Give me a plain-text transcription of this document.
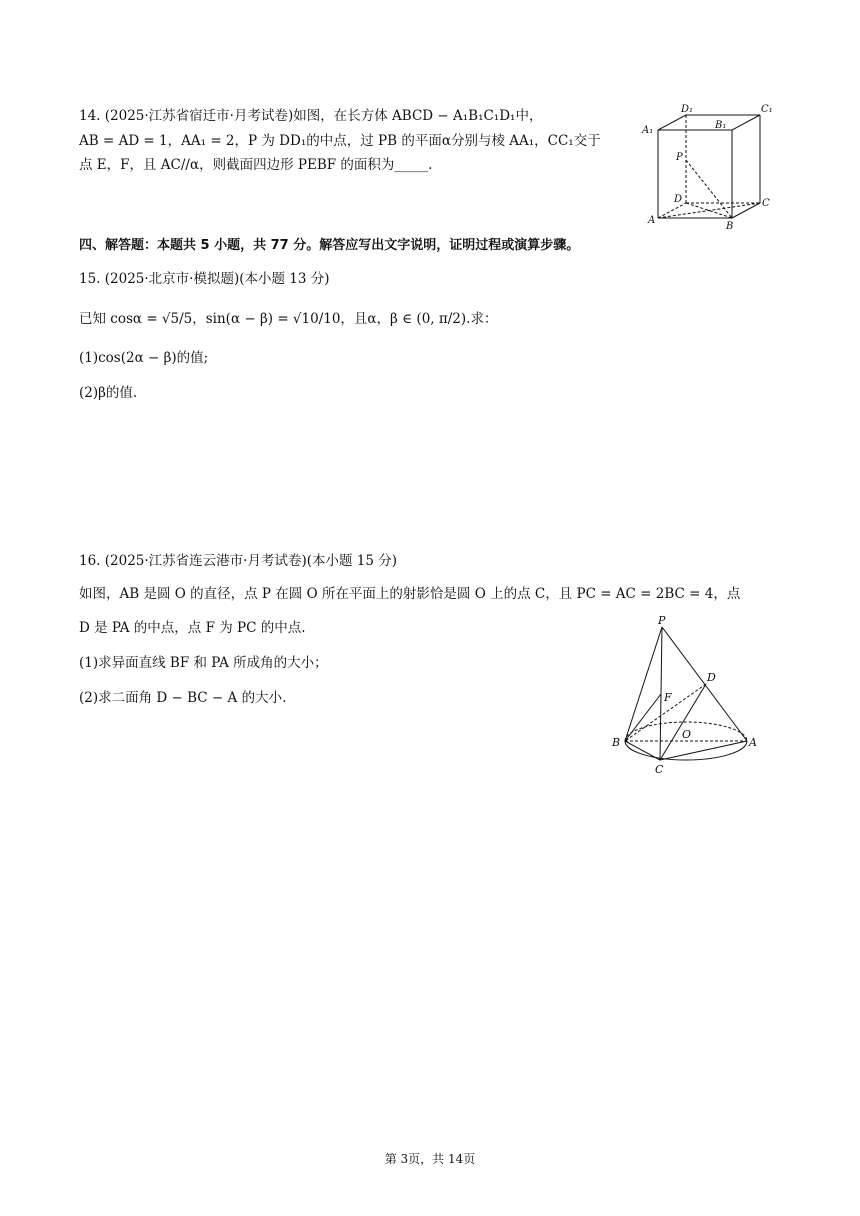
14. (2025·江苏省宿迁市·月考试卷)如图，在长方体 ABCD − A₁B₁C₁D₁中，
AB = AD = 1，AA₁ = 2，P 为 DD₁的中点，过 PB 的平面α分别与棱 AA₁，CC₁交于
点 E，F，且 AC//α，则截面四边形 PEBF 的面积为_____.
D₁	C₁
A₁	B₁
P
D	C
A
B
四、解答题：本题共 5 小题，共 77 分。解答应写出文字说明，证明过程或演算步骤。
15. (2025·北京市·模拟题)(本小题 13 分)
已知 cosα = √5/5，sin(α − β) = √10/10，且α，β ∈ (0, π/2).求：
(1)cos(2α − β)的值;
(2)β的值.
16. (2025·江苏省连云港市·月考试卷)(本小题 15 分)
如图，AB 是圆 O 的直径，点 P 在圆 O 所在平面上的射影恰是圆 O 上的点 C，且 PC = AC = 2BC = 4，点
D 是 PA 的中点，点 F 为 PC 的中点.
(1)求异面直线 BF 和 PA 所成角的大小；
(2)求二面角 D − BC − A 的大小.
P
D
F
B
O
A
C
第 3页，共 14页
